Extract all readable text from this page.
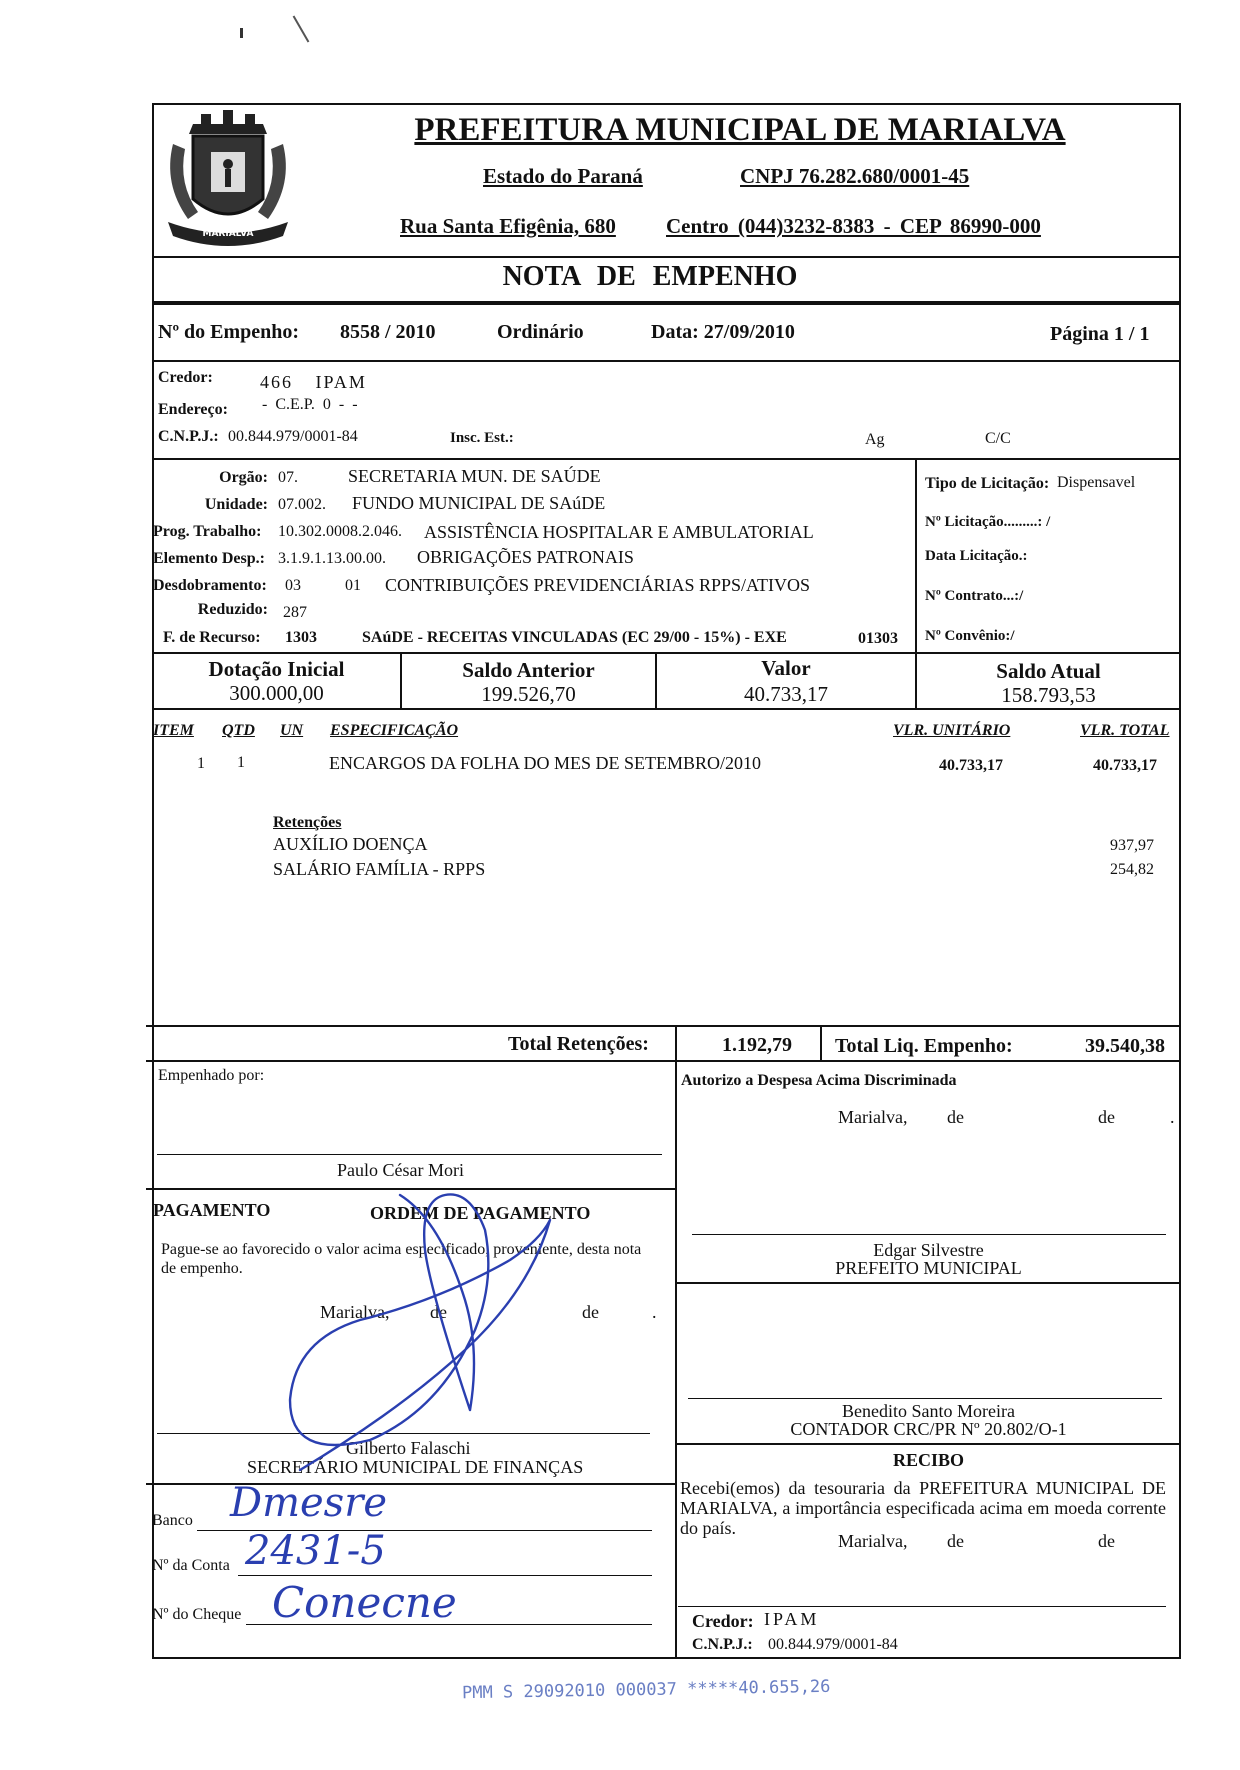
MARIALVA
PREFEITURA MUNICIPAL DE MARIALVA
Estado do Paraná	CNPJ 76.282.680/0001-45
Rua Santa Efigênia, 680 Centro (044)3232-8383 - CEP 86990-000
NOTA DE EMPENHO
Nº do Empenho: 8558 / 2010	Ordinário	Data: 27/09/2010	Página 1 / 1
Credor:	466 IPAM
Endereço: - C.E.P. 0 - -
C.N.P.J.: 00.844.979/0001-84	Insc. Est.:	Ag	C/C
Orgão: 07.	SECRETARIA MUN. DE SAÚDE
Unidade: 07.002. FUNDO MUNICIPAL DE SAúDE
Prog. Trabalho: 10.302.0008.2.046. ASSISTÊNCIA HOSPITALAR E AMBULATORIAL
Elemento Desp.: 3.1.9.1.13.00.00. OBRIGAÇÕES PATRONAIS
Desdobramento: 03 01 CONTRIBUIÇÕES PREVIDENCIÁRIAS RPPS/ATIVOS
Reduzido: 287
F. de Recurso: 1303	SAúDE - RECEITAS VINCULADAS (EC 29/00 - 15%) - EXE	01303
Tipo de Licitação: Dispensavel
Nº Licitação.........: /
Data Licitação.:
Nº Contrato...:/
Nº Convênio:/
Dotação Inicial
300.000,00
Saldo Anterior
199.526,70
Valor
40.733,17
Saldo Atual
158.793,53
ITEM QTD UN ESPECIFICAÇÃO	VLR. UNITÁRIO	VLR. TOTAL
1 1	ENCARGOS DA FOLHA DO MES DE SETEMBRO/2010	40.733,17	40.733,17
Retenções
AUXÍLIO DOENÇA	937,97
SALÁRIO FAMÍLIA - RPPS	254,82
Total Retenções:	1.192,79 Total Liq. Empenho:	39.540,38
Empenhado por:
Paulo César Mori
PAGAMENTO	ORDEM DE PAGAMENTO
Pague-se ao favorecido o valor acima especificado, proveniente, desta nota de empenho.
Marialva, de	de	.
Gilberto Falaschi
SECRETÁRIO MUNICIPAL DE FINANÇAS
Banco Dmesre
Nº da Conta 2431-5
Nº do Cheque Conecne
Autorizo a Despesa Acima Discriminada
Marialva, de	de	.
Edgar Silvestre
PREFEITO MUNICIPAL
Benedito Santo Moreira
CONTADOR CRC/PR Nº 20.802/O-1
RECIBO
Recebi(emos) da tesouraria da PREFEITURA MUNICIPAL DE MARIALVA, a importância especificada acima em moeda corrente do país.
Marialva, de	de
Credor: IPAM
C.N.P.J.: 00.844.979/0001-84
PMM S 29092010 000037 *****40.655,26
